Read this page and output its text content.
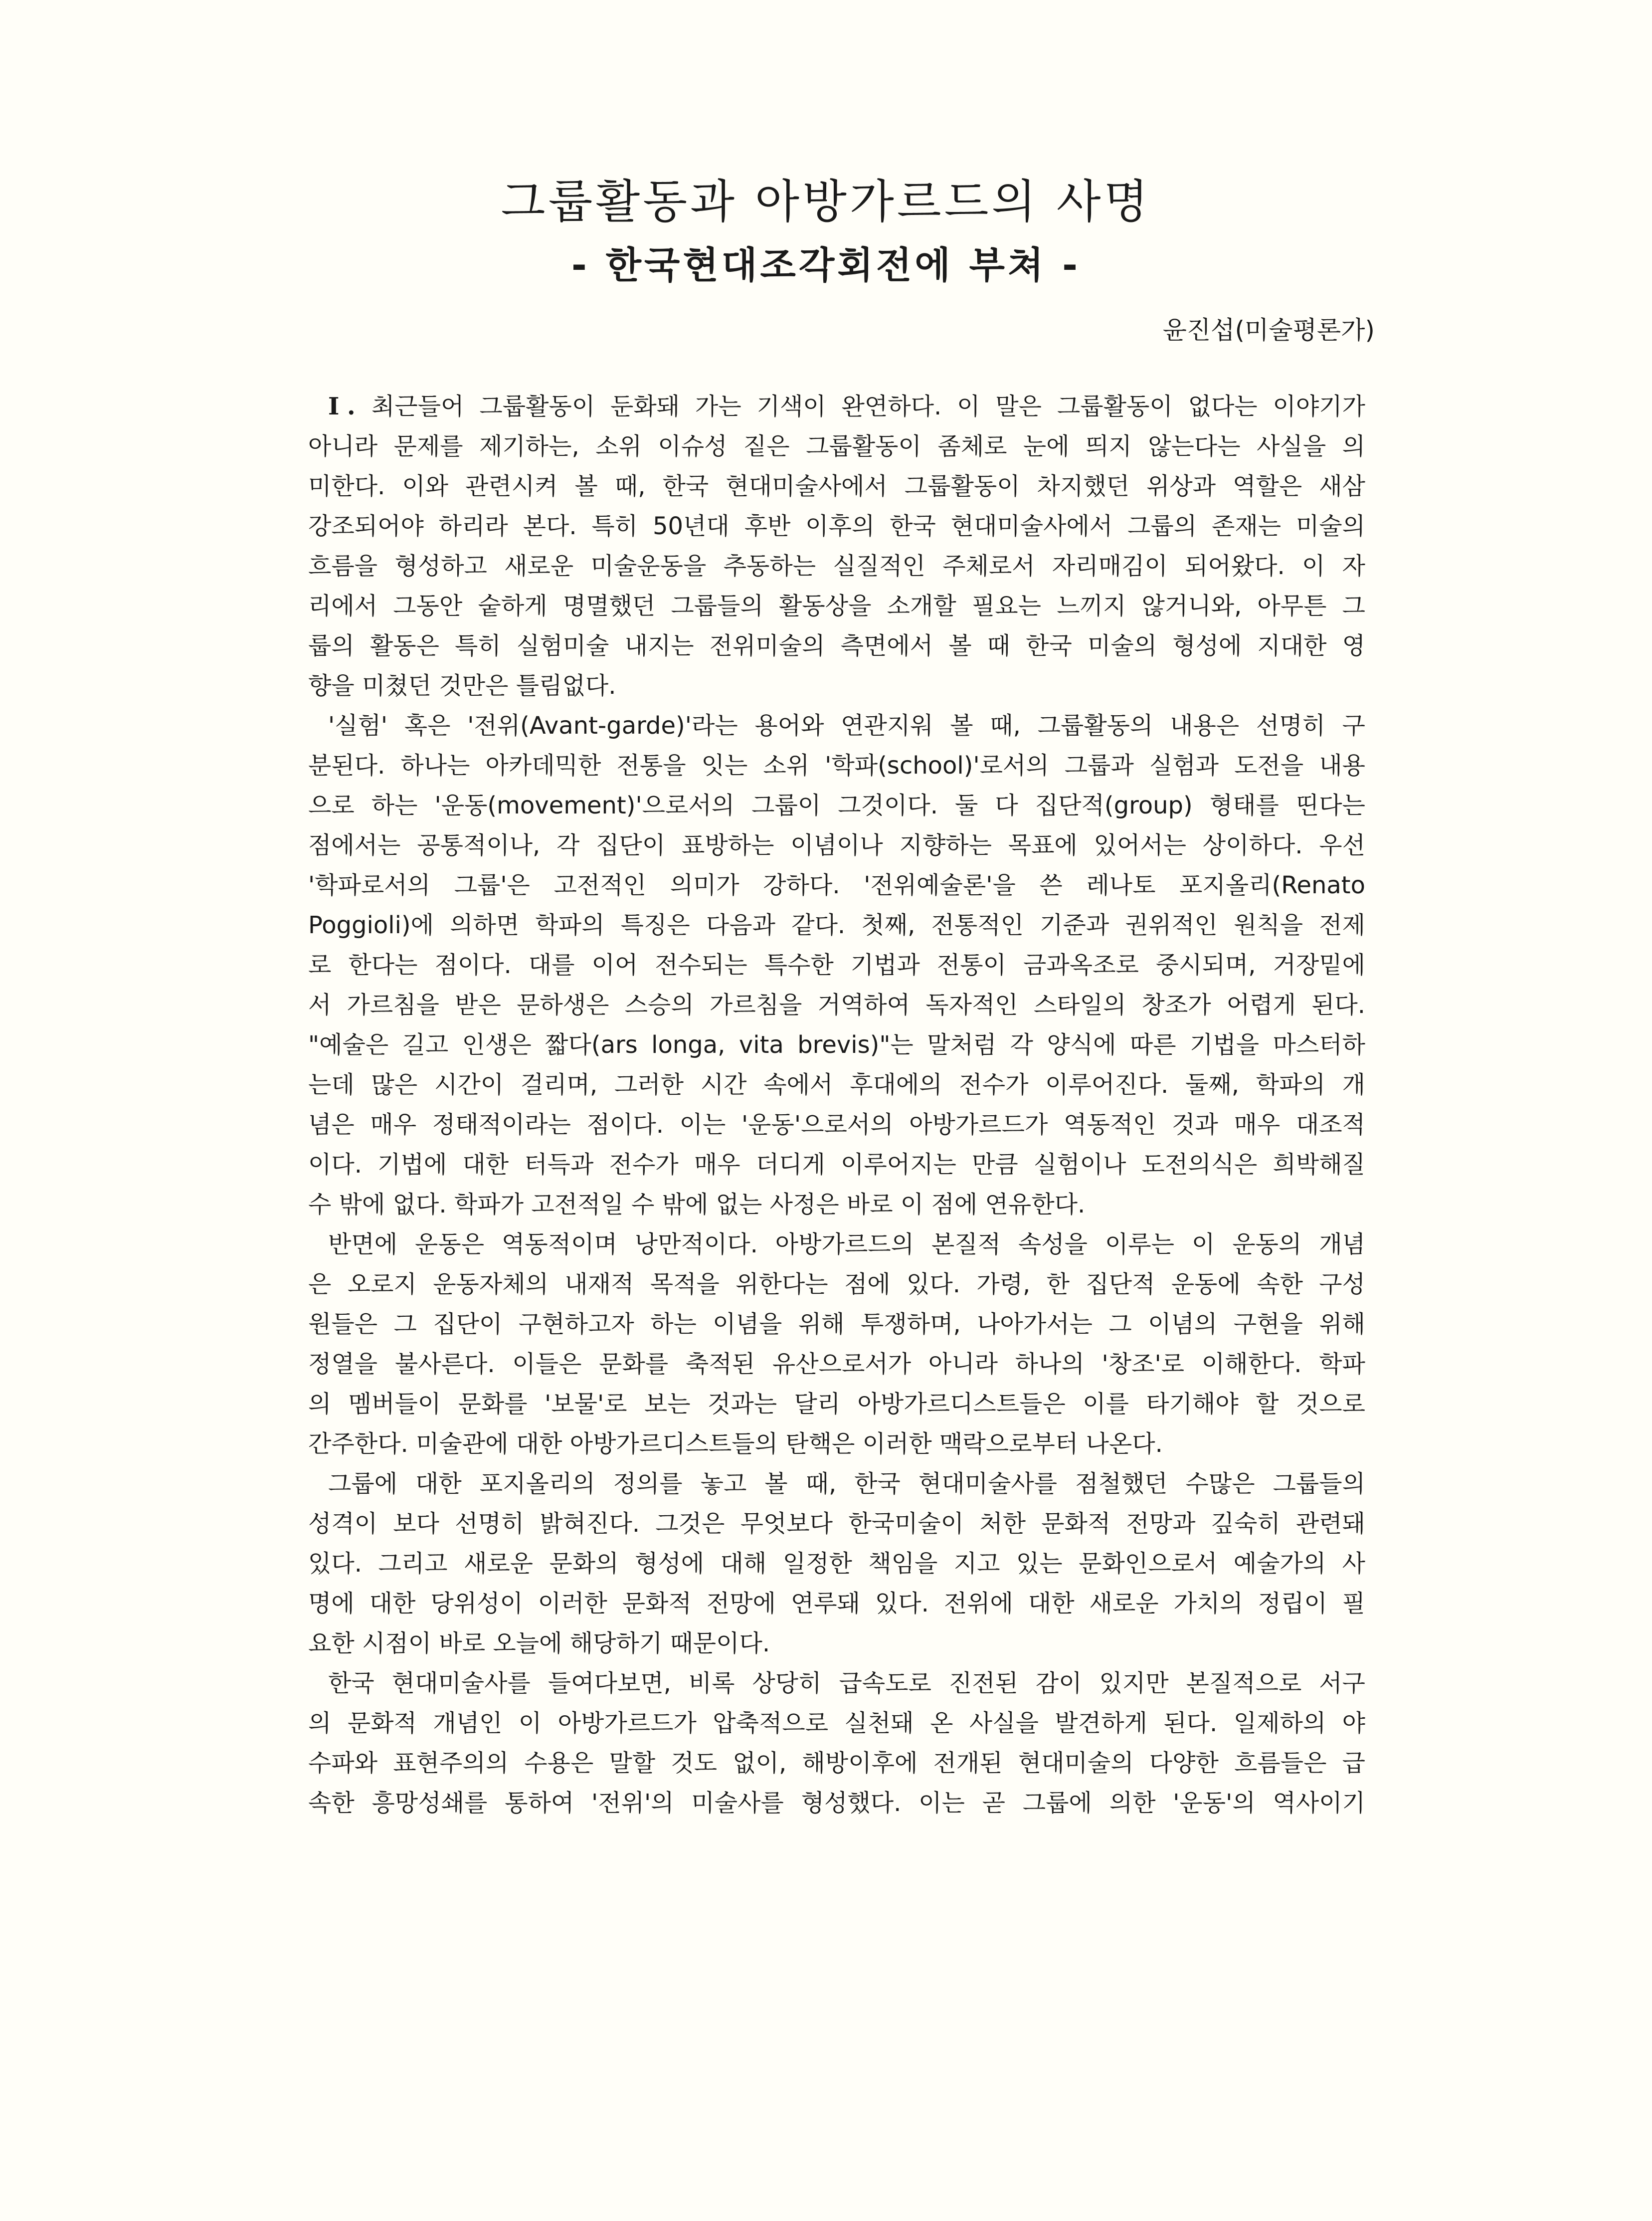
그룹활동과 아방가르드의 사명
- 한국현대조각회전에 부쳐 -

윤진섭(미술평론가)

Ⅰ. 최근들어 그룹활동이 둔화돼 가는 기색이 완연하다. 이 말은 그룹활동이 없다는 이야기가

아니라 문제를 제기하는, 소위 이슈성 짙은 그룹활동이 좀체로 눈에 띄지 않는다는 사실을 의

미한다. 이와 관련시켜 볼 때, 한국 현대미술사에서 그룹활동이 차지했던 위상과 역할은 새삼

강조되어야 하리라 본다. 특히 50년대 후반 이후의 한국 현대미술사에서 그룹의 존재는 미술의

흐름을 형성하고 새로운 미술운동을 추동하는 실질적인 주체로서 자리매김이 되어왔다. 이 자

리에서 그동안 숱하게 명멸했던 그룹들의 활동상을 소개할 필요는 느끼지 않거니와, 아무튼 그

룹의 활동은 특히 실험미술 내지는 전위미술의 측면에서 볼 때 한국 미술의 형성에 지대한 영

향을 미쳤던 것만은 틀림없다.

'실험' 혹은 '전위(Avant-garde)'라는 용어와 연관지워 볼 때, 그룹활동의 내용은 선명히 구

분된다. 하나는 아카데믹한 전통을 잇는 소위 '학파(school)'로서의 그룹과 실험과 도전을 내용

으로 하는 '운동(movement)'으로서의 그룹이 그것이다. 둘 다 집단적(group) 형태를 띤다는

점에서는 공통적이나, 각 집단이 표방하는 이념이나 지향하는 목표에 있어서는 상이하다. 우선

'학파로서의 그룹'은 고전적인 의미가 강하다. '전위예술론'을 쓴 레나토 포지올리(Renato

Poggioli)에 의하면 학파의 특징은 다음과 같다. 첫째, 전통적인 기준과 권위적인 원칙을 전제

로 한다는 점이다. 대를 이어 전수되는 특수한 기법과 전통이 금과옥조로 중시되며, 거장밑에

서 가르침을 받은 문하생은 스승의 가르침을 거역하여 독자적인 스타일의 창조가 어렵게 된다.

"예술은 길고 인생은 짧다(ars longa, vita brevis)"는 말처럼 각 양식에 따른 기법을 마스터하

는데 많은 시간이 걸리며, 그러한 시간 속에서 후대에의 전수가 이루어진다. 둘째, 학파의 개

념은 매우 정태적이라는 점이다. 이는 '운동'으로서의 아방가르드가 역동적인 것과 매우 대조적

이다. 기법에 대한 터득과 전수가 매우 더디게 이루어지는 만큼 실험이나 도전의식은 희박해질

수 밖에 없다. 학파가 고전적일 수 밖에 없는 사정은 바로 이 점에 연유한다.

반면에 운동은 역동적이며 낭만적이다. 아방가르드의 본질적 속성을 이루는 이 운동의 개념

은 오로지 운동자체의 내재적 목적을 위한다는 점에 있다. 가령, 한 집단적 운동에 속한 구성

원들은 그 집단이 구현하고자 하는 이념을 위해 투쟁하며, 나아가서는 그 이념의 구현을 위해

정열을 불사른다. 이들은 문화를 축적된 유산으로서가 아니라 하나의 '창조'로 이해한다. 학파

의 멤버들이 문화를 '보물'로 보는 것과는 달리 아방가르디스트들은 이를 타기해야 할 것으로

간주한다. 미술관에 대한 아방가르디스트들의 탄핵은 이러한 맥락으로부터 나온다.

그룹에 대한 포지올리의 정의를 놓고 볼 때, 한국 현대미술사를 점철했던 수많은 그룹들의

성격이 보다 선명히 밝혀진다. 그것은 무엇보다 한국미술이 처한 문화적 전망과 깊숙히 관련돼

있다. 그리고 새로운 문화의 형성에 대해 일정한 책임을 지고 있는 문화인으로서 예술가의 사

명에 대한 당위성이 이러한 문화적 전망에 연루돼 있다. 전위에 대한 새로운 가치의 정립이 필

요한 시점이 바로 오늘에 해당하기 때문이다.

한국 현대미술사를 들여다보면, 비록 상당히 급속도로 진전된 감이 있지만 본질적으로 서구

의 문화적 개념인 이 아방가르드가 압축적으로 실천돼 온 사실을 발견하게 된다. 일제하의 야

수파와 표현주의의 수용은 말할 것도 없이, 해방이후에 전개된 현대미술의 다양한 흐름들은 급

속한 흥망성쇄를 통하여 '전위'의 미술사를 형성했다. 이는 곧 그룹에 의한 '운동'의 역사이기
